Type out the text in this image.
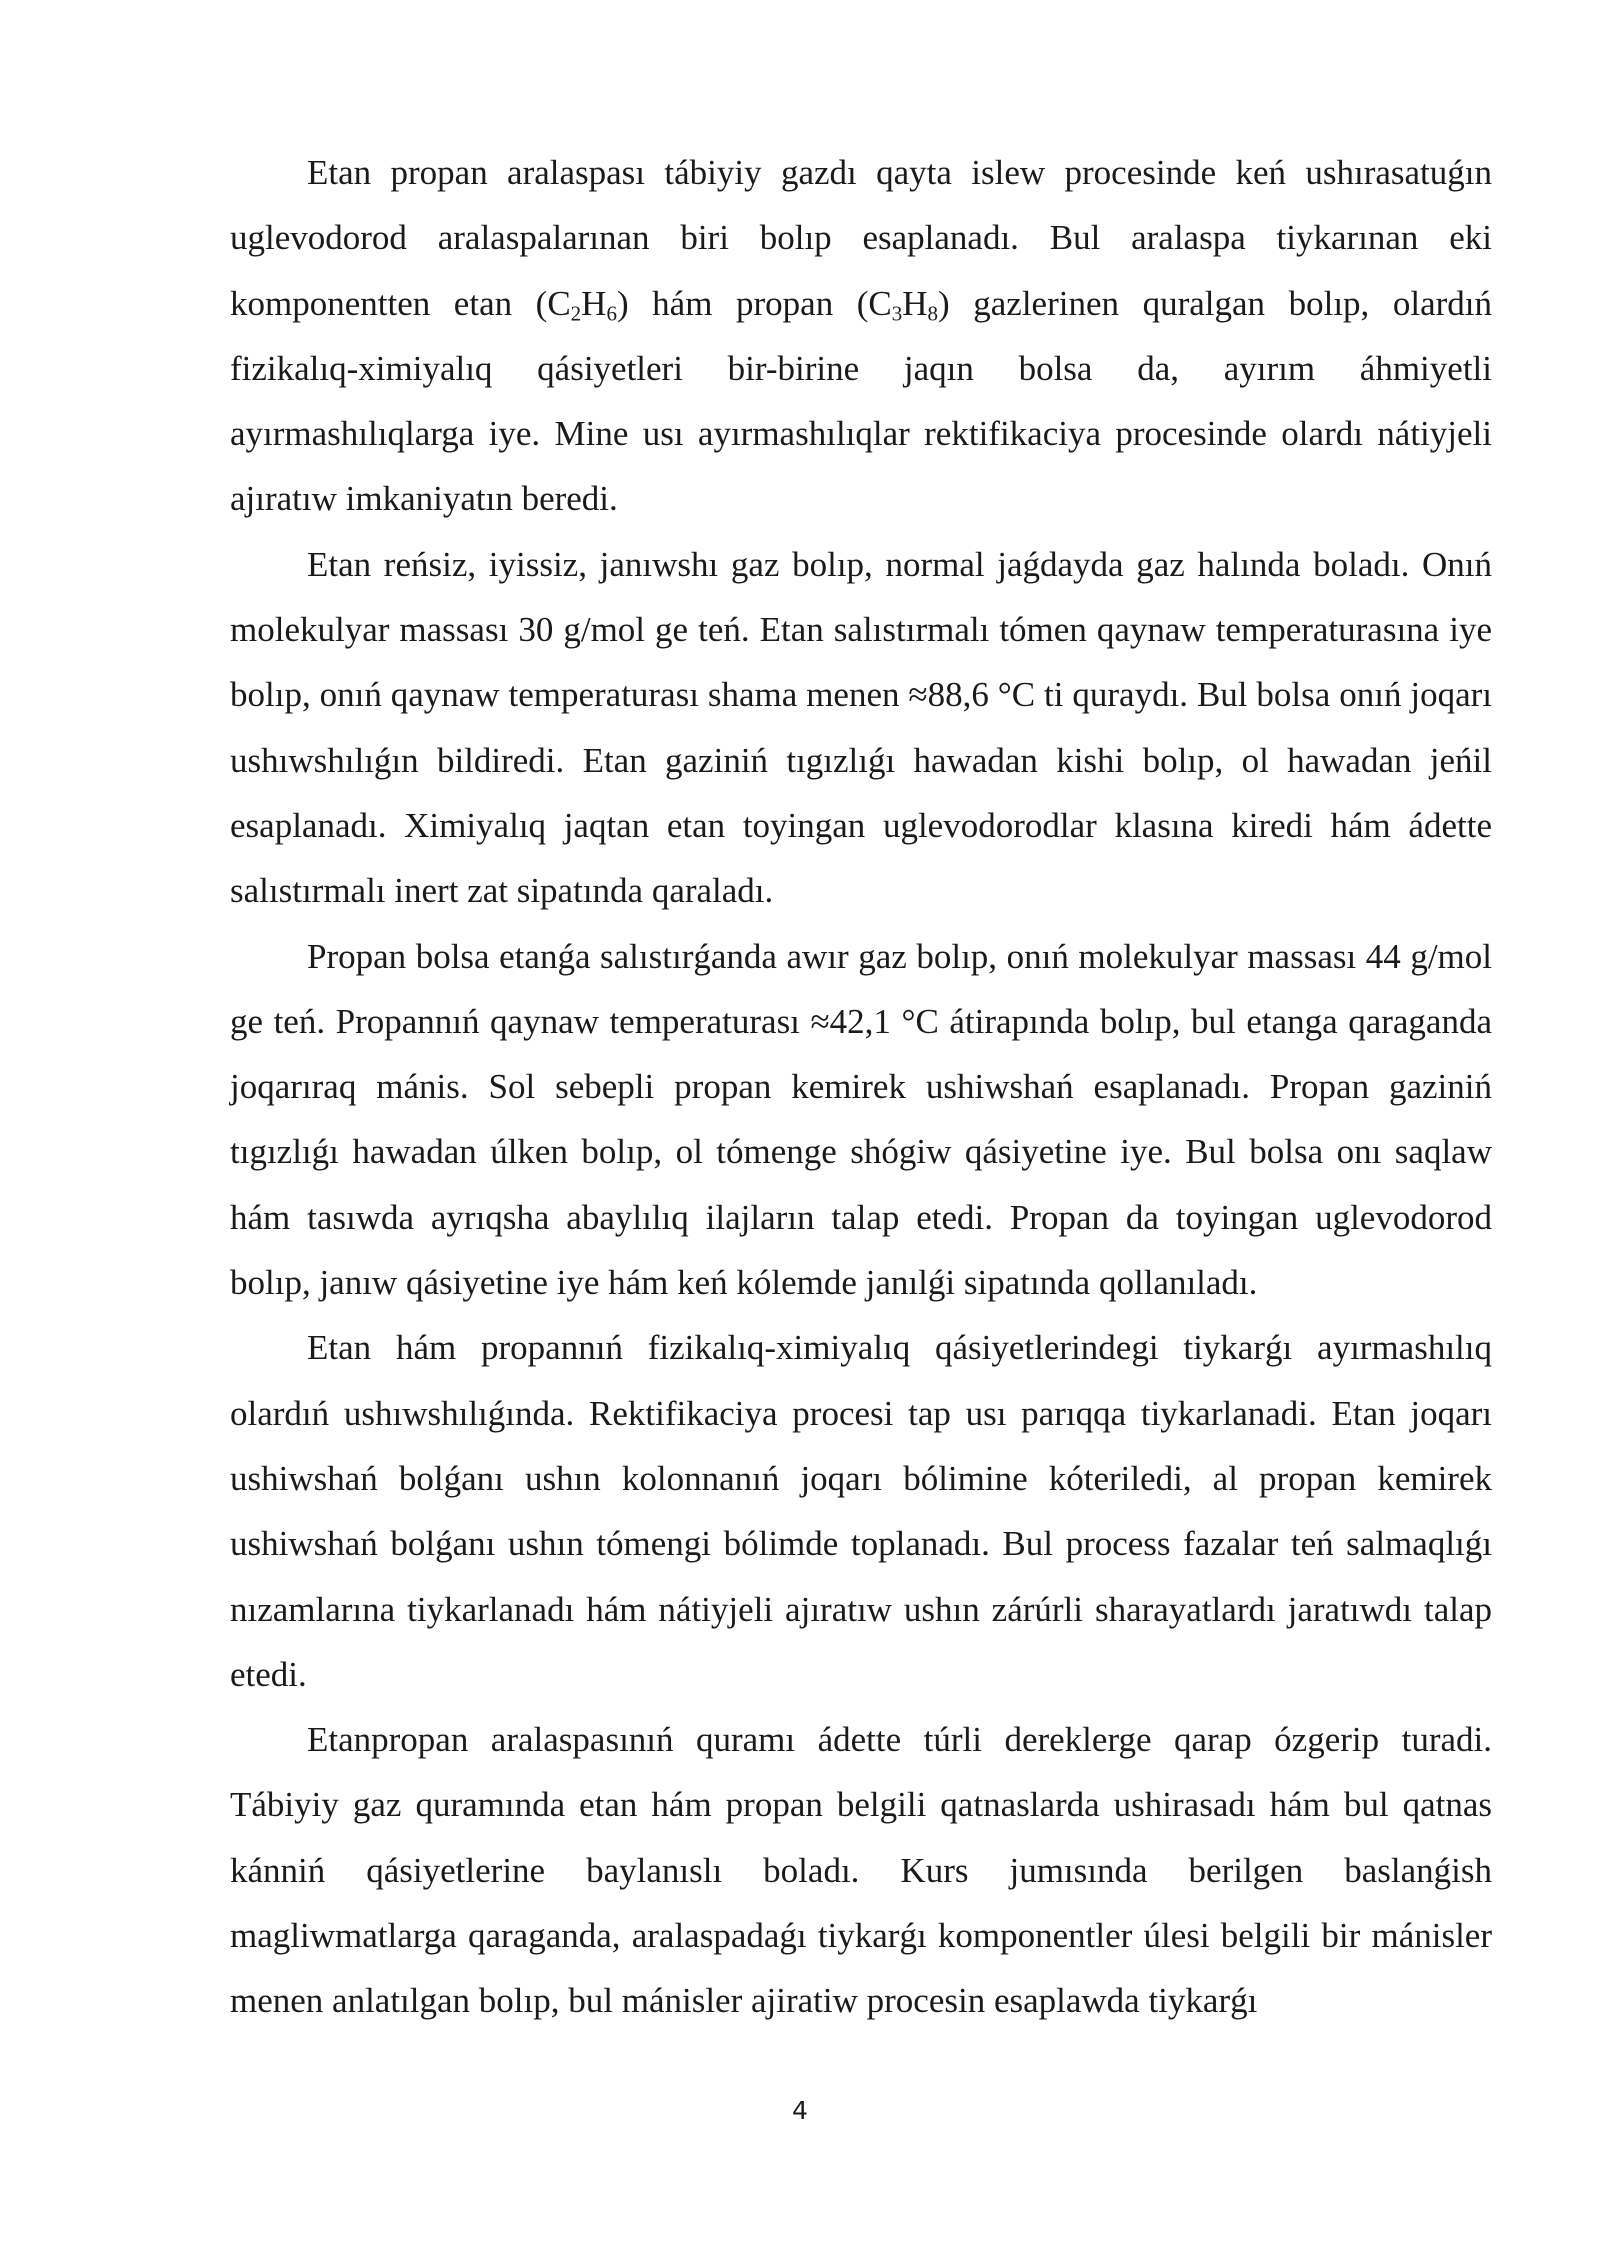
Etan propan aralaspası tábiyiy gazdı qayta islew procesinde keń ushırasatuǵın uglevodorod aralaspalarınan biri bolıp esaplanadı. Bul aralaspa tiykarınan eki komponentten etan $(C_2H_6)$ hám propan $(C_3H_8)$ gazlerinen quralgan bolıp, olardıń fizikalıq-ximiyalıq qásiyetleri bir-birine jaqın bolsa da, ayırım áhmiyetli ayırmashılıqlarga iye. Mine usı ayırmashılıqlar rektifikaciya procesinde olardı nátiyjeli ajıratıw imkaniyatın beredi.

Etan reńsiz, iyissiz, janıwshı gaz bolıp, normal jaǵdayda gaz halında boladı. Onıń molekulyar massası 30 g/mol ge teń. Etan salıstırmalı tómen qaynaw temperaturasına iye bolıp, onıń qaynaw temperaturası shama menen ≈88,6 °C ti quraydı. Bul bolsa onıń joqarı ushıwshılıǵın bildiredi. Etan gaziniń tıgızlıǵı hawadan kishi bolıp, ol hawadan jeńil esaplanadı. Ximiyalıq jaqtan etan toyingan uglevodorodlar klasına kiredi hám ádette salıstırmalı inert zat sipatında qaraladı.

Propan bolsa etanǵa salıstırǵanda awır gaz bolıp, onıń molekulyar massası 44 g/mol ge teń. Propannıń qaynaw temperaturası ≈42,1 °C átirapında bolıp, bul etanga qaraganda joqarıraq mánis. Sol sebepli propan kemirek ushiwshań esaplanadı. Propan gaziniń tıgızlıǵı hawadan úlken bolıp, ol tómenge shógiw qásiyetine iye. Bul bolsa onı saqlaw hám tasıwda ayrıqsha abaylılıq ilajların talap etedi. Propan da toyingan uglevodorod bolıp, janıw qásiyetine iye hám keń kólemde janılǵi sipatında qollanıladı.

Etan hám propannıń fizikalıq-ximiyalıq qásiyetlerindegi tiykarǵı ayırmashılıq olardıń ushıwshılıǵında. Rektifikaciya procesi tap usı parıqqa tiykarlanadi. Etan joqarı ushiwshań bolǵanı ushın kolonnanıń joqarı bólimine kóteriledi, al propan kemirek ushiwshań bolǵanı ushın tómengi bólimde toplanadı. Bul process fazalar teń salmaqlıǵı nızamlarına tiykarlanadı hám nátiyjeli ajıratıw ushın zárúrli sharayatlardı jaratıwdı talap etedi.

Etanpropan aralaspasınıń quramı ádette túrli dereklerge qarap ózgerip turadi. Tábiyiy gaz quramında etan hám propan belgili qatnaslarda ushirasadı hám bul qatnas kánniń qásiyetlerine baylanıslı boladı. Kurs jumısında berilgen baslanǵish magliwmatlarga qaraganda, aralaspadaǵı tiykarǵı komponentler úlesi belgili bir mánisler menen anlatılgan bolıp, bul mánisler ajiratiw procesin esaplawda tiykarǵı

4
